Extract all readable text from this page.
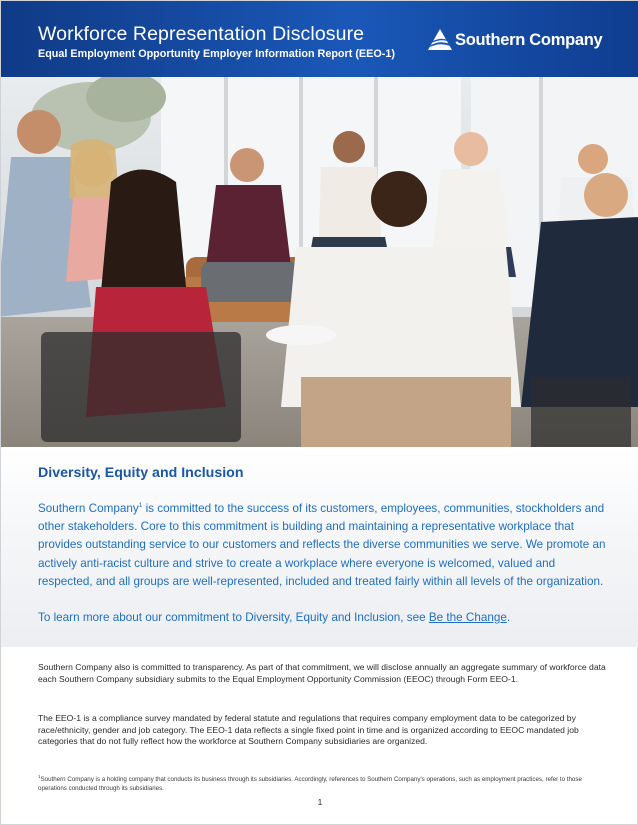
Workforce Representation Disclosure
Equal Employment Opportunity Employer Information Report (EEO-1)
Southern Company
Diversity, Equity and Inclusion

Southern Company$^1$ is committed to the success of its customers, employees, communities, stockholders and other stakeholders. Core to this commitment is building and maintaining a representative workplace that provides outstanding service to our customers and reflects the diverse communities we serve. We promote an actively anti-racist culture and strive to create a workplace where everyone is welcomed, valued and respected, and all groups are well-represented, included and treated fairly within all levels of the organization.

To learn more about our commitment to Diversity, Equity and Inclusion, see Be the Change.

Southern Company also is committed to transparency. As part of that commitment, we will disclose annually an aggregate summary of workforce data each Southern Company subsidiary submits to the Equal Employment Opportunity Commission (EEOC) through Form EEO-1.

The EEO-1 is a compliance survey mandated by federal statute and regulations that requires company employment data to be categorized by race/ethnicity, gender and job category. The EEO-1 data reflects a single fixed point in time and is organized according to EEOC mandated job categories that do not fully reflect how the workforce at Southern Company subsidiaries are organized.

$^1$Southern Company is a holding company that conducts its business through its subsidiaries. Accordingly, references to Southern Company's operations, such as employment practices, refer to those operations conducted through its subsidiaries.

1
